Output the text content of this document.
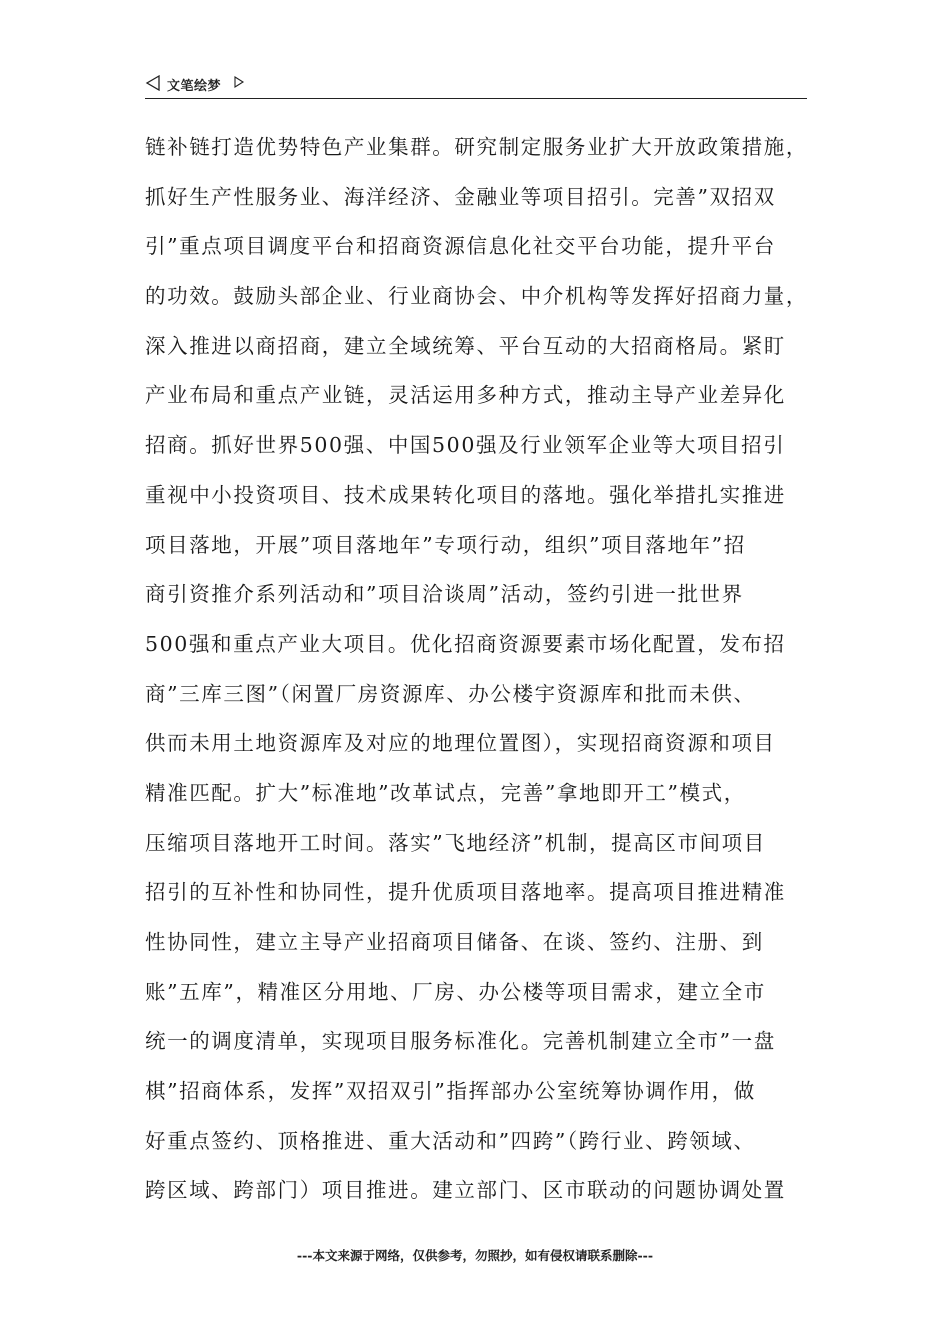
文笔绘梦
链补链打造优势特色产业集群。研究制定服务业扩大开放政策措施，
抓好生产性服务业、海洋经济、金融业等项目招引。完善”双招双
引”重点项目调度平台和招商资源信息化社交平台功能，提升平台
的功效。鼓励头部企业、行业商协会、中介机构等发挥好招商力量，
深入推进以商招商，建立全域统筹、平台互动的大招商格局。紧盯
产业布局和重点产业链，灵活运用多种方式，推动主导产业差异化
招商。抓好世界500强、中国500强及行业领军企业等大项目招引
重视中小投资项目、技术成果转化项目的落地。强化举措扎实推进
项目落地，开展”项目落地年”专项行动，组织”项目落地年”招
商引资推介系列活动和”项目洽谈周”活动，签约引进一批世界
500强和重点产业大项目。优化招商资源要素市场化配置，发布招
商”三库三图”（闲置厂房资源库、办公楼宇资源库和批而未供、
供而未用土地资源库及对应的地理位置图），实现招商资源和项目
精准匹配。扩大”标准地”改革试点，完善”拿地即开工”模式，
压缩项目落地开工时间。落实”飞地经济”机制，提高区市间项目
招引的互补性和协同性，提升优质项目落地率。提高项目推进精准
性协同性，建立主导产业招商项目储备、在谈、签约、注册、到
账”五库”，精准区分用地、厂房、办公楼等项目需求，建立全市
统一的调度清单，实现项目服务标准化。完善机制建立全市”一盘
棋”招商体系，发挥”双招双引”指挥部办公室统筹协调作用，做
好重点签约、顶格推进、重大活动和”四跨”（跨行业、跨领域、
跨区域、跨部门）项目推进。建立部门、区市联动的问题协调处置
---本文来源于网络，仅供参考，勿照抄，如有侵权请联系删除---
